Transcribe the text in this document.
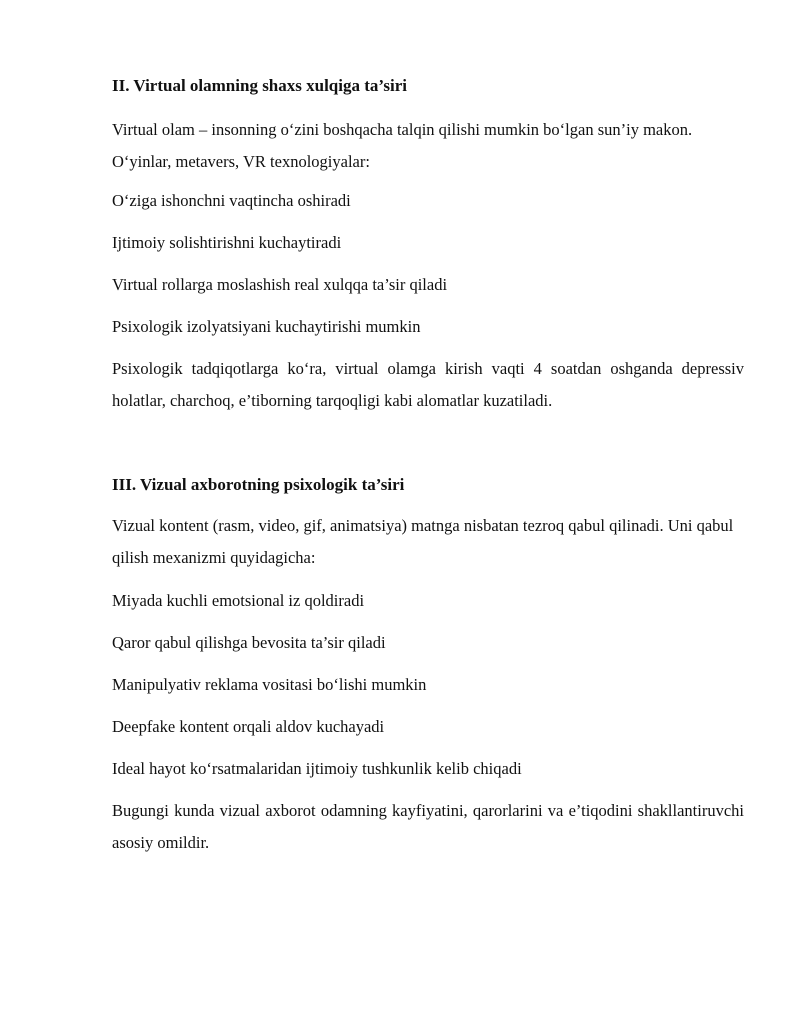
II. Virtual olamning shaxs xulqiga ta’siri
Virtual olam – insonning o‘zini boshqacha talqin qilishi mumkin bo‘lgan sun’iy makon. O‘yinlar, metavers, VR texnologiyalar:
O‘ziga ishonchni vaqtincha oshiradi
Ijtimoiy solishtirishni kuchaytiradi
Virtual rollarga moslashish real xulqqa ta’sir qiladi
Psixologik izolyatsiyani kuchaytirishi mumkin
Psixologik tadqiqotlarga ko‘ra, virtual olamga kirish vaqti 4 soatdan oshganda depressiv holatlar, charchoq, e’tiborning tarqoqligi kabi alomatlar kuzatiladi.
III. Vizual axborotning psixologik ta’siri
Vizual kontent (rasm, video, gif, animatsiya) matnga nisbatan tezroq qabul qilinadi. Uni qabul qilish mexanizmi quyidagicha:
Miyada kuchli emotsional iz qoldiradi
Qaror qabul qilishga bevosita ta’sir qiladi
Manipulyativ reklama vositasi bo‘lishi mumkin
Deepfake kontent orqali aldov kuchayadi
Ideal hayot ko‘rsatmalaridan ijtimoiy tushkunlik kelib chiqadi
Bugungi kunda vizual axborot odamning kayfiyatini, qarorlarini va e’tiqodini shakllantiruvchi asosiy omildir.
